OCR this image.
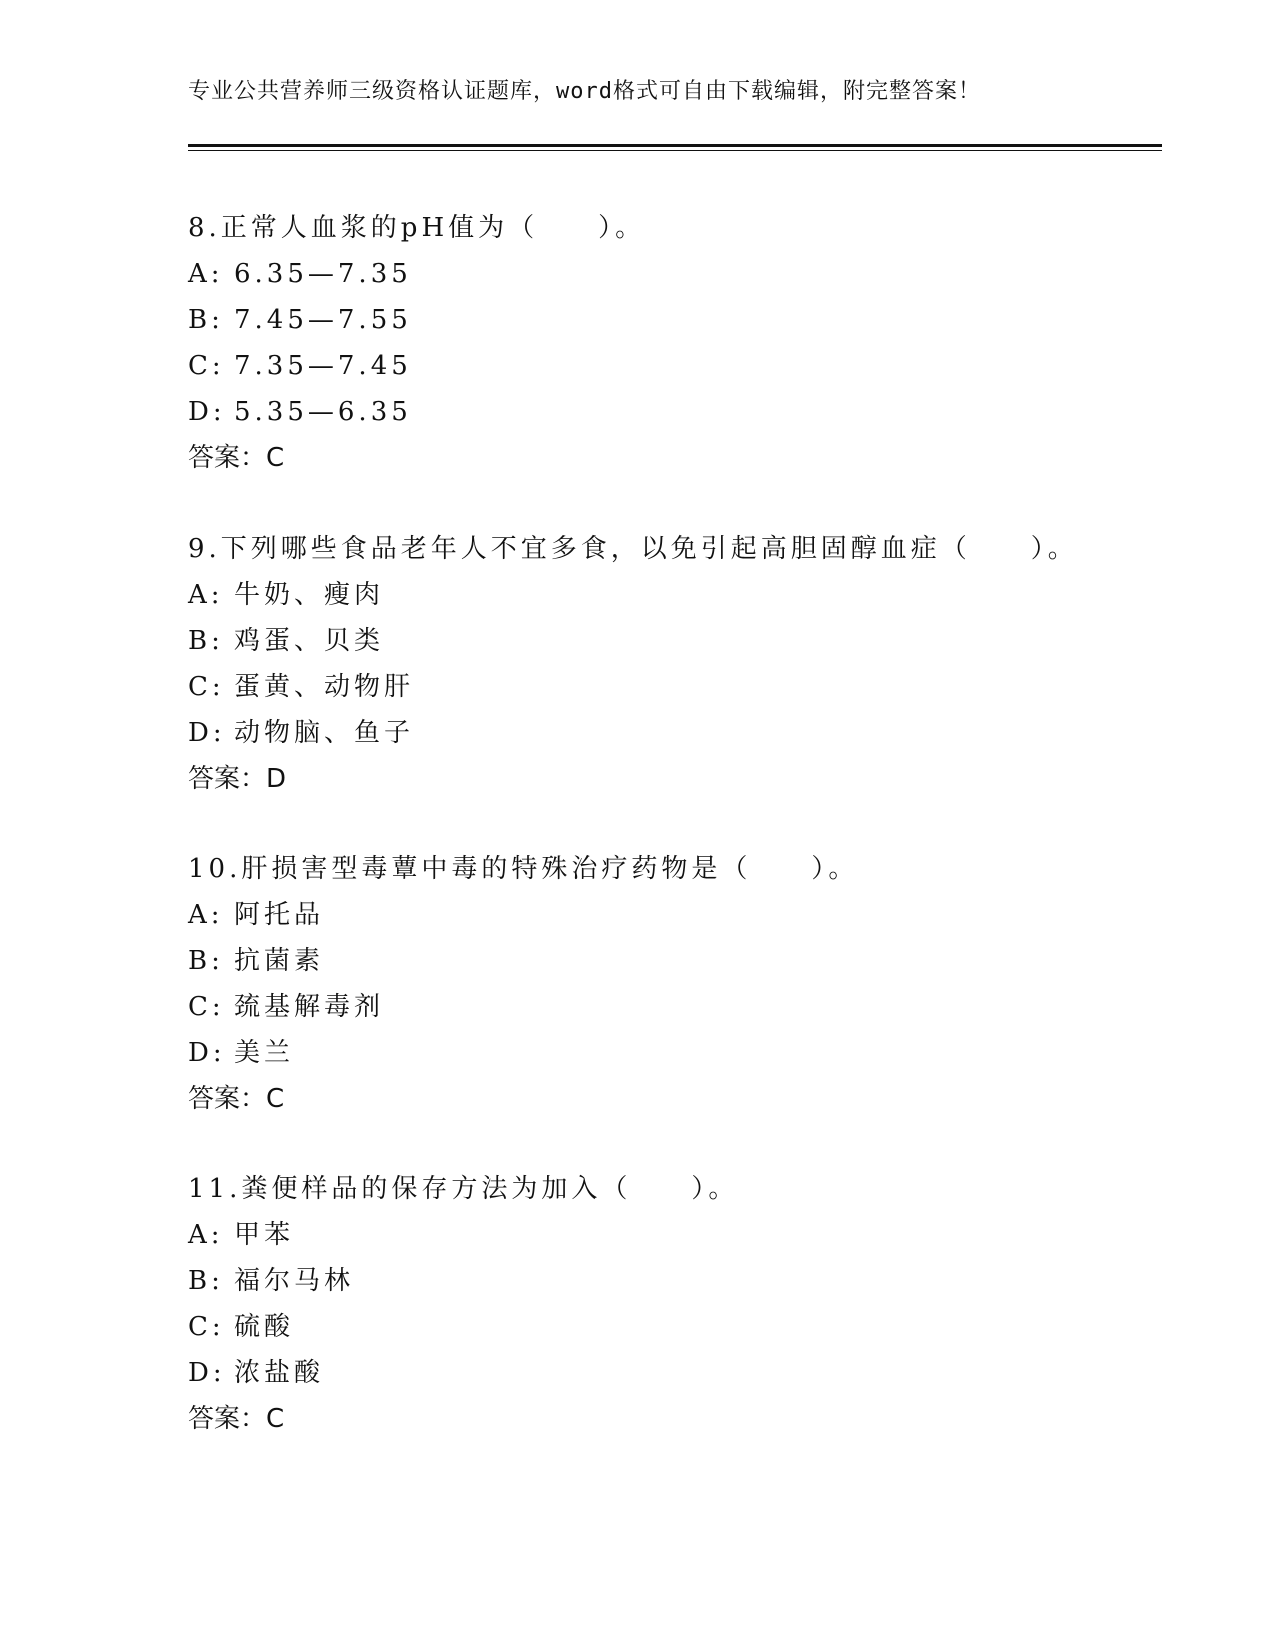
专业公共营养师三级资格认证题库，word格式可自由下载编辑，附完整答案！
8.正常人血浆的pH值为（　　）。
A: 6.35—7.35
B: 7.45—7.55
C: 7.35—7.45
D: 5.35—6.35
答案：C
9.下列哪些食品老年人不宜多食，以免引起高胆固醇血症（　　）。
A: 牛奶、瘦肉
B: 鸡蛋、贝类
C: 蛋黄、动物肝
D: 动物脑、鱼子
答案：D
10.肝损害型毒蕈中毒的特殊治疗药物是（　　）。
A: 阿托品
B: 抗菌素
C: 巯基解毒剂
D: 美兰
答案：C
11.粪便样品的保存方法为加入（　　）。
A: 甲苯
B: 福尔马林
C: 硫酸
D: 浓盐酸
答案：C
